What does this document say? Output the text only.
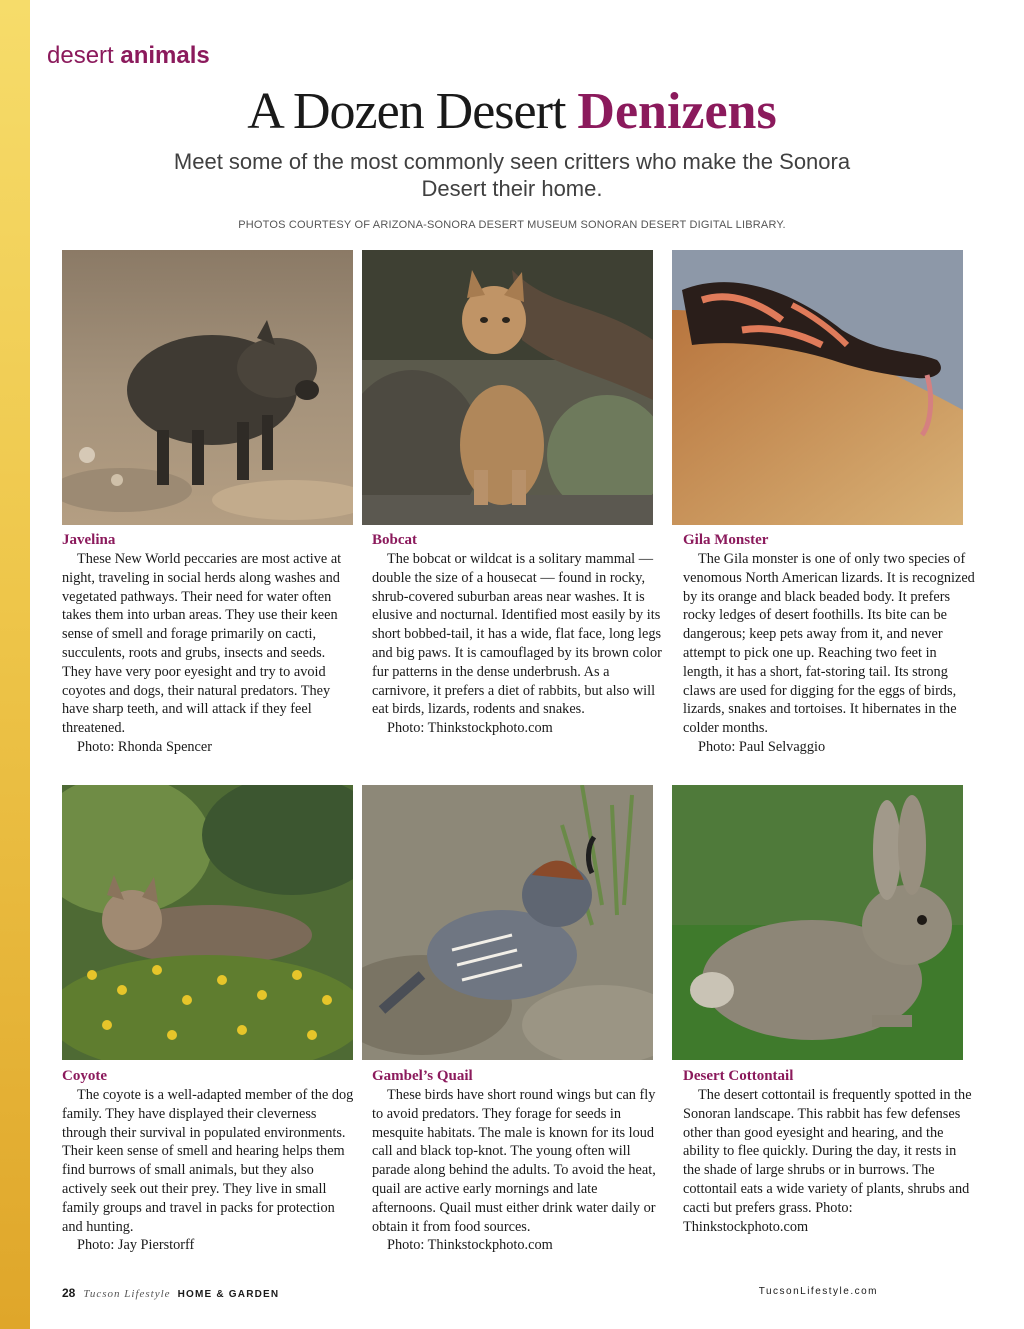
desert animals
A Dozen Desert Denizens
Meet some of the most commonly seen critters who make the Sonora Desert their home.
PHOTOS COURTESY OF ARIZONA-SONORA DESERT MUSEUM SONORAN DESERT DIGITAL LIBRARY.
Javelina

These New World peccaries are most active at night, traveling in social herds along washes and vegetated pathways. Their need for water often takes them into urban areas. They use their keen sense of smell and forage primarily on cacti, succulents, roots and grubs, insects and seeds. They have very poor eyesight and try to avoid coyotes and dogs, their natural predators. They have sharp teeth, and will attack if they feel threatened.

Photo: Rhonda Spencer

Bobcat

The bobcat or wildcat is a solitary mammal — double the size of a housecat — found in rocky, shrub-covered suburban areas near washes. It is elusive and nocturnal. Identified most easily by its short bobbed-tail, it has a wide, flat face, long legs and big paws. It is camouflaged by its brown color fur patterns in the dense underbrush. As a carnivore, it prefers a diet of rabbits, but also will eat birds, lizards, rodents and snakes.

Photo: Thinkstockphoto.com

Gila Monster

The Gila monster is one of only two species of venomous North American lizards. It is recognized by its orange and black beaded body. It prefers rocky ledges of desert foothills. Its bite can be dangerous; keep pets away from it, and never attempt to pick one up. Reaching two feet in length, it has a short, fat-storing tail. Its strong claws are used for digging for the eggs of birds, lizards, snakes and tortoises. It hibernates in the colder months.

Photo: Paul Selvaggio

Coyote

The coyote is a well-adapted member of the dog family. They have displayed their cleverness through their survival in populated environments. Their keen sense of smell and hearing helps them find burrows of small animals, but they also actively seek out their prey. They live in small family groups and travel in packs for protection and hunting.

Photo: Jay Pierstorff

Gambel’s Quail

These birds have short round wings but can fly to avoid predators. They forage for seeds in mesquite habitats. The male is known for its loud call and black top-knot. The young often will parade along behind the adults. To avoid the heat, quail are active early mornings and late afternoons. Quail must either drink water daily or obtain it from food sources.

Photo: Thinkstockphoto.com

Desert Cottontail

The desert cottontail is frequently spotted in the Sonoran landscape. This rabbit has few defenses other than good eyesight and hearing, and the ability to flee quickly. During the day, it rests in the shade of large shrubs or in burrows. The cottontail eats a wide variety of plants, shrubs and cacti but prefers grass. Photo: Thinkstockphoto.com

28 Tucson Lifestyle HOME & GARDEN	TucsonLifestyle.com
